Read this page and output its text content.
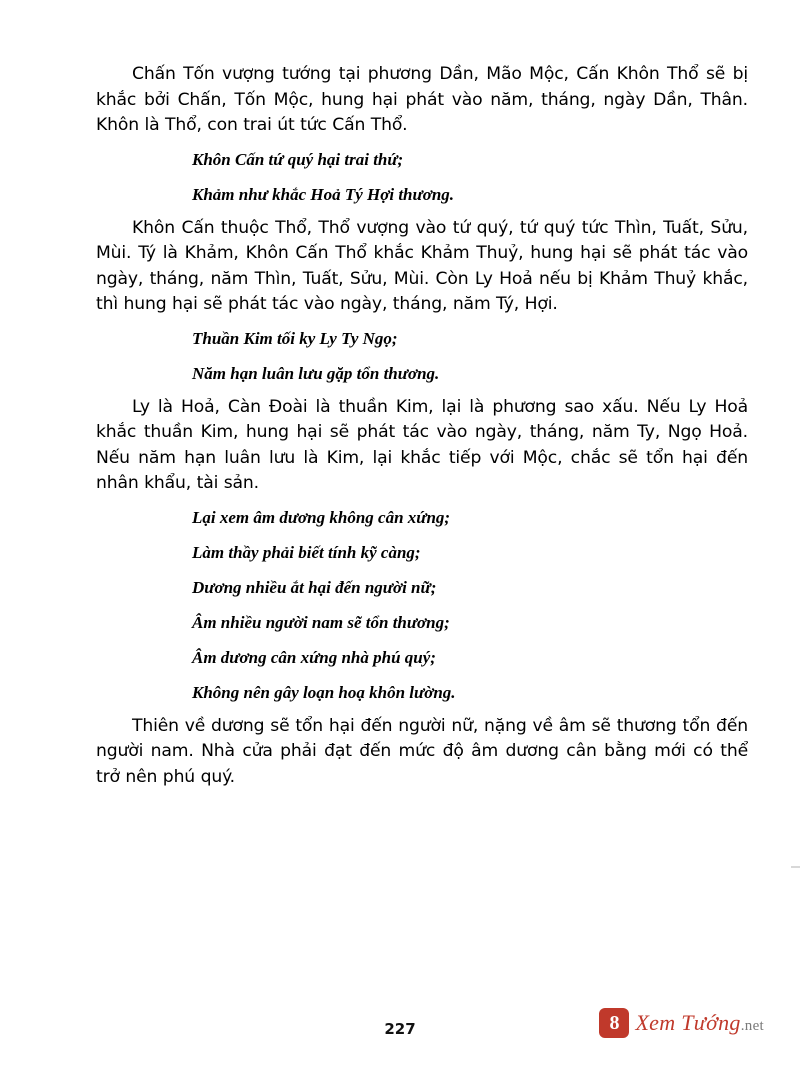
Chấn Tốn vượng tướng tại phương Dần, Mão Mộc, Cấn Khôn Thổ sẽ bị khắc bởi Chấn, Tốn Mộc, hung hại phát vào năm, tháng, ngày Dần, Thân. Khôn là Thổ, con trai út tức Cấn Thổ.

Khôn Cấn tứ quý hại trai thứ;

Khảm như khắc Hoả Tý Hợi thương.

Khôn Cấn thuộc Thổ, Thổ vượng vào tứ quý, tứ quý tức Thìn, Tuất, Sửu, Mùi. Tý là Khảm, Khôn Cấn Thổ khắc Khảm Thuỷ, hung hại sẽ phát tác vào ngày, tháng, năm Thìn, Tuất, Sửu, Mùi. Còn Ly Hoả nếu bị Khảm Thuỷ khắc, thì hung hại sẽ phát tác vào ngày, tháng, năm Tý, Hợi.

Thuần Kim tối ky Ly Ty Ngọ;

Năm hạn luân lưu gặp tổn thương.

Ly là Hoả, Càn Đoài là thuần Kim, lại là phương sao xấu. Nếu Ly Hoả khắc thuần Kim, hung hại sẽ phát tác vào ngày, tháng, năm Ty, Ngọ Hoả. Nếu năm hạn luân lưu là Kim, lại khắc tiếp với Mộc, chắc sẽ tổn hại đến nhân khẩu, tài sản.

Lại xem âm dương không cân xứng;

Làm thầy phải biết tính kỹ càng;

Dương nhiều ắt hại đến người nữ;

Âm nhiều người nam sẽ tổn thương;

Âm dương cân xứng nhà phú quý;

Không nên gây loạn hoạ khôn lường.

Thiên về dương sẽ tổn hại đến người nữ, nặng về âm sẽ thương tổn đến người nam. Nhà cửa phải đạt đến mức độ âm dương cân bằng mới có thể trở nên phú quý.

227	8 Xem Tướng.net
